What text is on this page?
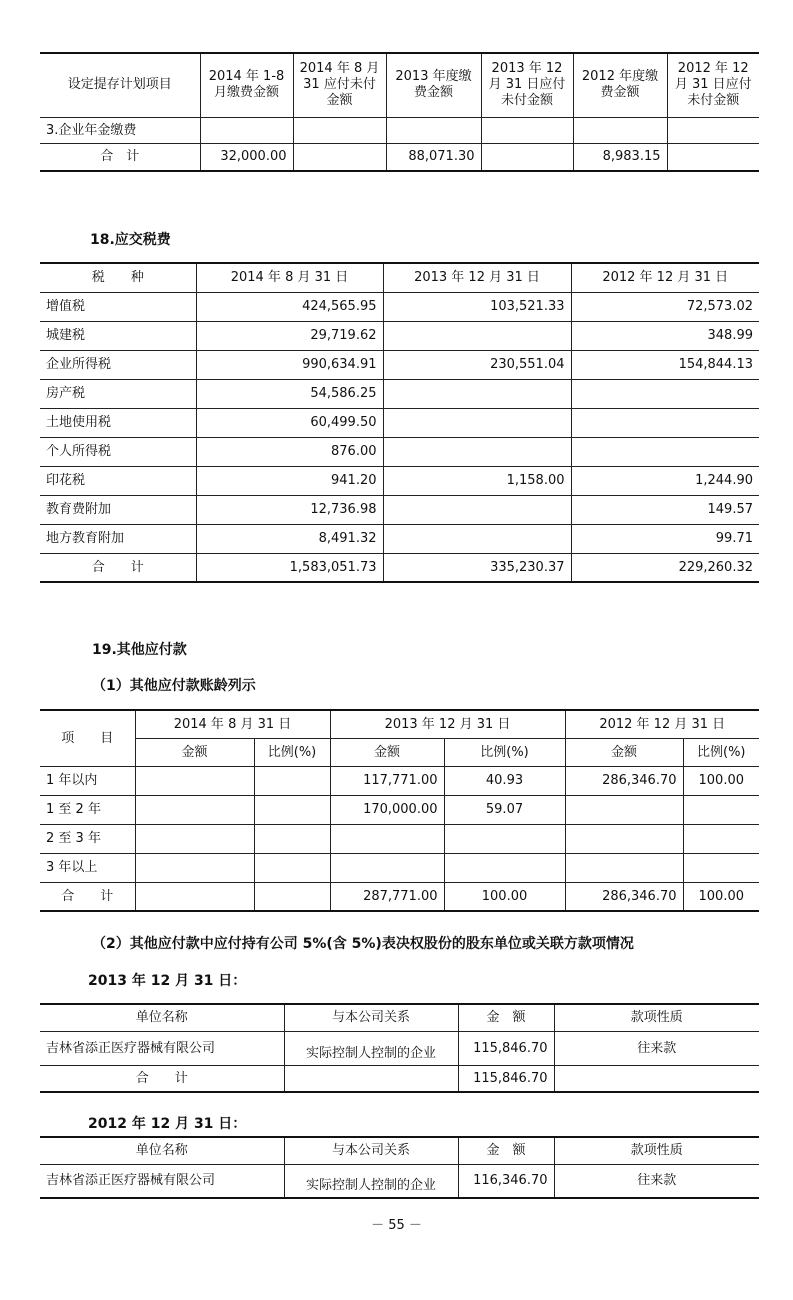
设定提存计划项目	2014 年 1-8 月缴费金额	2014 年 8 月 31 应付未付金额	2013 年度缴费金额	2013 年 12 月 31 日应付未付金额	2012 年度缴费金额	2012 年 12 月 31 日应付未付金额
3.企业年金缴费						
合　计	32,000.00		88,071.30		8,983.15	
18.应交税费
税　　种	2014 年 8 月 31 日	2013 年 12 月 31 日	2012 年 12 月 31 日
增值税	424,565.95	103,521.33	72,573.02
城建税	29,719.62		348.99
企业所得税	990,634.91	230,551.04	154,844.13
房产税	54,586.25		
土地使用税	60,499.50		
个人所得税	876.00		
印花税	941.20	1,158.00	1,244.90
教育费附加	12,736.98		149.57
地方教育附加	8,491.32		99.71
合　　计	1,583,051.73	335,230.37	229,260.32
19.其他应付款
（1）其他应付款账龄列示
项　　目	2014 年 8 月 31 日		2013 年 12 月 31 日		2012 年 12 月 31 日	
	金额	比例(%)	金额	比例(%)	金额	比例(%)
1 年以内			117,771.00	40.93	286,346.70	100.00
1 至 2 年			170,000.00	59.07		
2 至 3 年						
3 年以上						
合　　计			287,771.00	100.00	286,346.70	100.00
（2）其他应付款中应付持有公司 5%(含 5%)表决权股份的股东单位或关联方款项情况
2013 年 12 月 31 日：
单位名称	与本公司关系	金　额	款项性质
吉林省添正医疗器械有限公司	实际控制人控制的企业	115,846.70	往来款
合　　计		115,846.70	
2012 年 12 月 31 日：
单位名称	与本公司关系	金　额	款项性质
吉林省添正医疗器械有限公司	实际控制人控制的企业	116,346.70	往来款
－ 55 －
